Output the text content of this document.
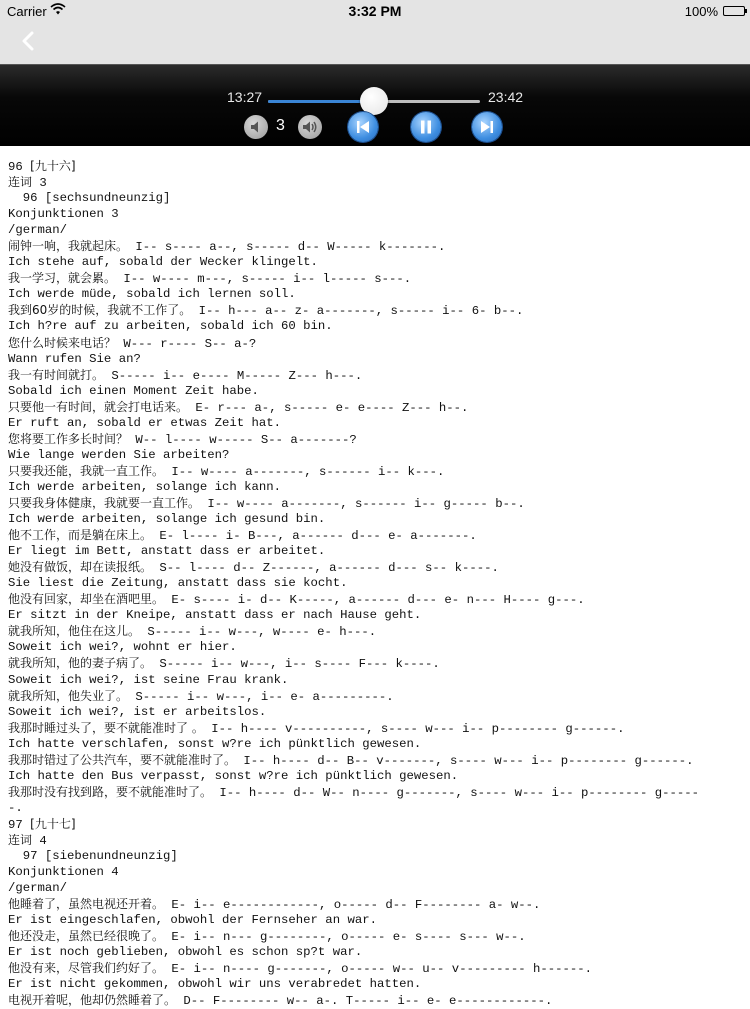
Carrier	3:32 PM	100%
13:27	23:42
3
96 [九十六]
连词 3
96 [sechsundneunzig]
Konjunktionen 3
/german/
闹钟一响，我就起床。 I-- s---- a--, s----- d-- W----- k-------.
Ich stehe auf, sobald der Wecker klingelt.
我一学习，就会累。 I-- w---- m---, s----- i-- l----- s---.
Ich werde müde, sobald ich lernen soll.
我到60岁的时候，我就不工作了。 I-- h--- a-- z- a-------, s----- i-- 6- b--.
Ich h?re auf zu arbeiten, sobald ich 60 bin.
您什么时候来电话？ W--- r---- S-- a-?
Wann rufen Sie an?
我一有时间就打。 S----- i-- e---- M----- Z--- h---.
Sobald ich einen Moment Zeit habe.
只要他一有时间，就会打电话来。 E- r--- a-, s----- e- e---- Z--- h--.
Er ruft an, sobald er etwas Zeit hat.
您将要工作多长时间？ W-- l---- w----- S-- a-------?
Wie lange werden Sie arbeiten?
只要我还能，我就一直工作。 I-- w---- a-------, s------ i-- k---.
Ich werde arbeiten, solange ich kann.
只要我身体健康，我就要一直工作。 I-- w---- a-------, s------ i-- g----- b--.
Ich werde arbeiten, solange ich gesund bin.
他不工作，而是躺在床上。 E- l---- i- B---, a------ d--- e- a-------.
Er liegt im Bett, anstatt dass er arbeitet.
她没有做饭，却在读报纸。 S-- l---- d-- Z------, a------ d--- s-- k----.
Sie liest die Zeitung, anstatt dass sie kocht.
他没有回家，却坐在酒吧里。 E- s---- i- d-- K-----, a------ d--- e- n--- H---- g---.
Er sitzt in der Kneipe, anstatt dass er nach Hause geht.
就我所知，他住在这儿。 S----- i-- w---, w---- e- h---.
Soweit ich wei?, wohnt er hier.
就我所知，他的妻子病了。 S----- i-- w---, i-- s---- F--- k----.
Soweit ich wei?, ist seine Frau krank.
就我所知，他失业了。 S----- i-- w---, i-- e- a---------.
Soweit ich wei?, ist er arbeitslos.
我那时睡过头了，要不就能准时了 。 I-- h---- v----------, s---- w--- i-- p-------- g------.
Ich hatte verschlafen, sonst w?re ich pünktlich gewesen.
我那时错过了公共汽车，要不就能准时了。 I-- h---- d-- B-- v-------, s---- w--- i-- p-------- g------.
Ich hatte den Bus verpasst, sonst w?re ich pünktlich gewesen.
我那时没有找到路，要不就能准时了。 I-- h---- d-- W-- n---- g-------, s---- w--- i-- p-------- g-----
-.
97 [九十七]
连词 4
97 [siebenundneunzig]
Konjunktionen 4
/german/
他睡着了，虽然电视还开着。 E- i-- e------------, o----- d-- F-------- a- w--.
Er ist eingeschlafen, obwohl der Fernseher an war.
他还没走，虽然已经很晚了。 E- i-- n--- g--------, o----- e- s---- s--- w--.
Er ist noch geblieben, obwohl es schon sp?t war.
他没有来，尽管我们约好了。 E- i-- n---- g-------, o----- w-- u-- v--------- h------.
Er ist nicht gekommen, obwohl wir uns verabredet hatten.
电视开着呢，他却仍然睡着了。 D-- F-------- w-- a-. T----- i-- e- e------------.
